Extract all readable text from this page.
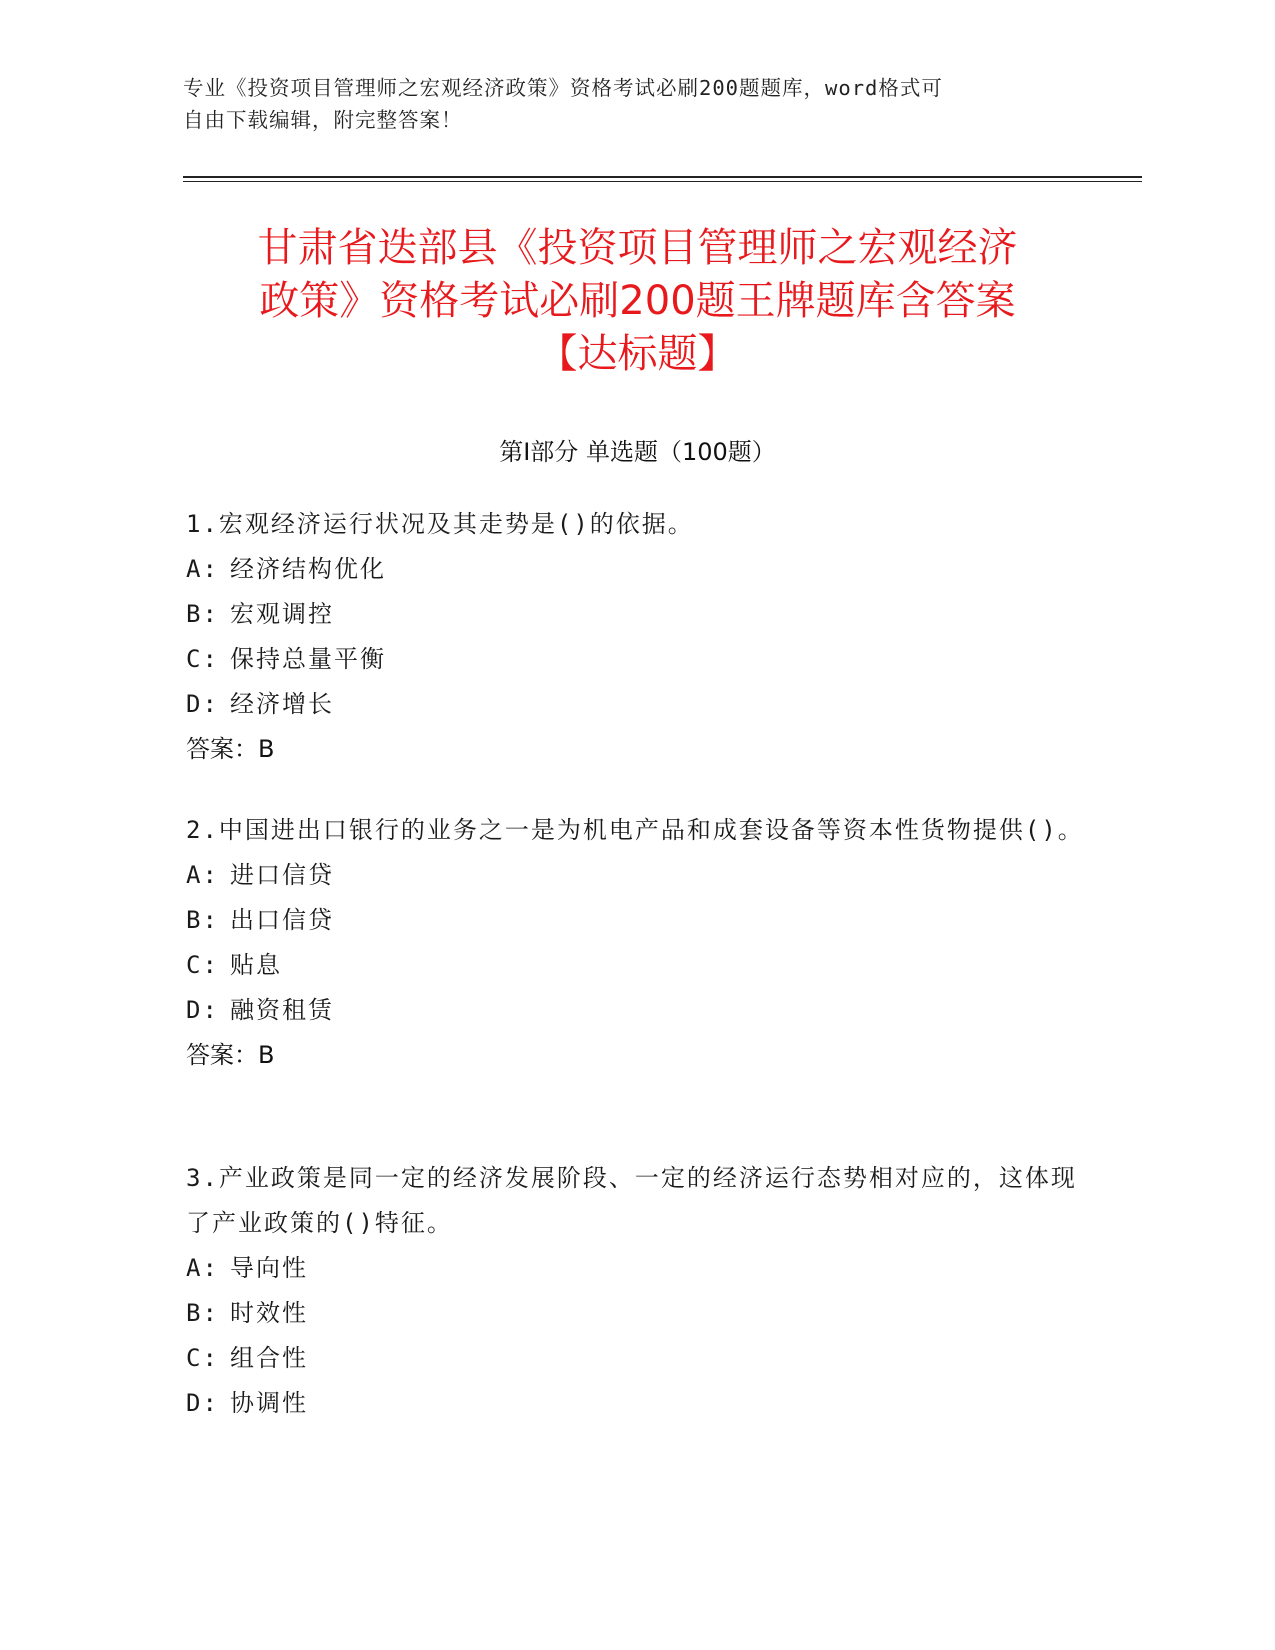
专业《投资项目管理师之宏观经济政策》资格考试必刷200题题库，word格式可
自由下载编辑，附完整答案！

甘肃省迭部县《投资项目管理师之宏观经济
政策》资格考试必刷200题王牌题库含答案
【达标题】
第Ⅰ部分 单选题（100题）

1.宏观经济运行状况及其走势是()的依据。

A: 经济结构优化
B: 宏观调控
C: 保持总量平衡
D: 经济增长

答案：B

2.中国进出口银行的业务之一是为机电产品和成套设备等资本性货物提供()。

A: 进口信贷
B: 出口信贷
C: 贴息
D: 融资租赁

答案：B

3.产业政策是同一定的经济发展阶段、一定的经济运行态势相对应的，这体现了产业政策的()特征。

A: 导向性
B: 时效性
C: 组合性
D: 协调性
